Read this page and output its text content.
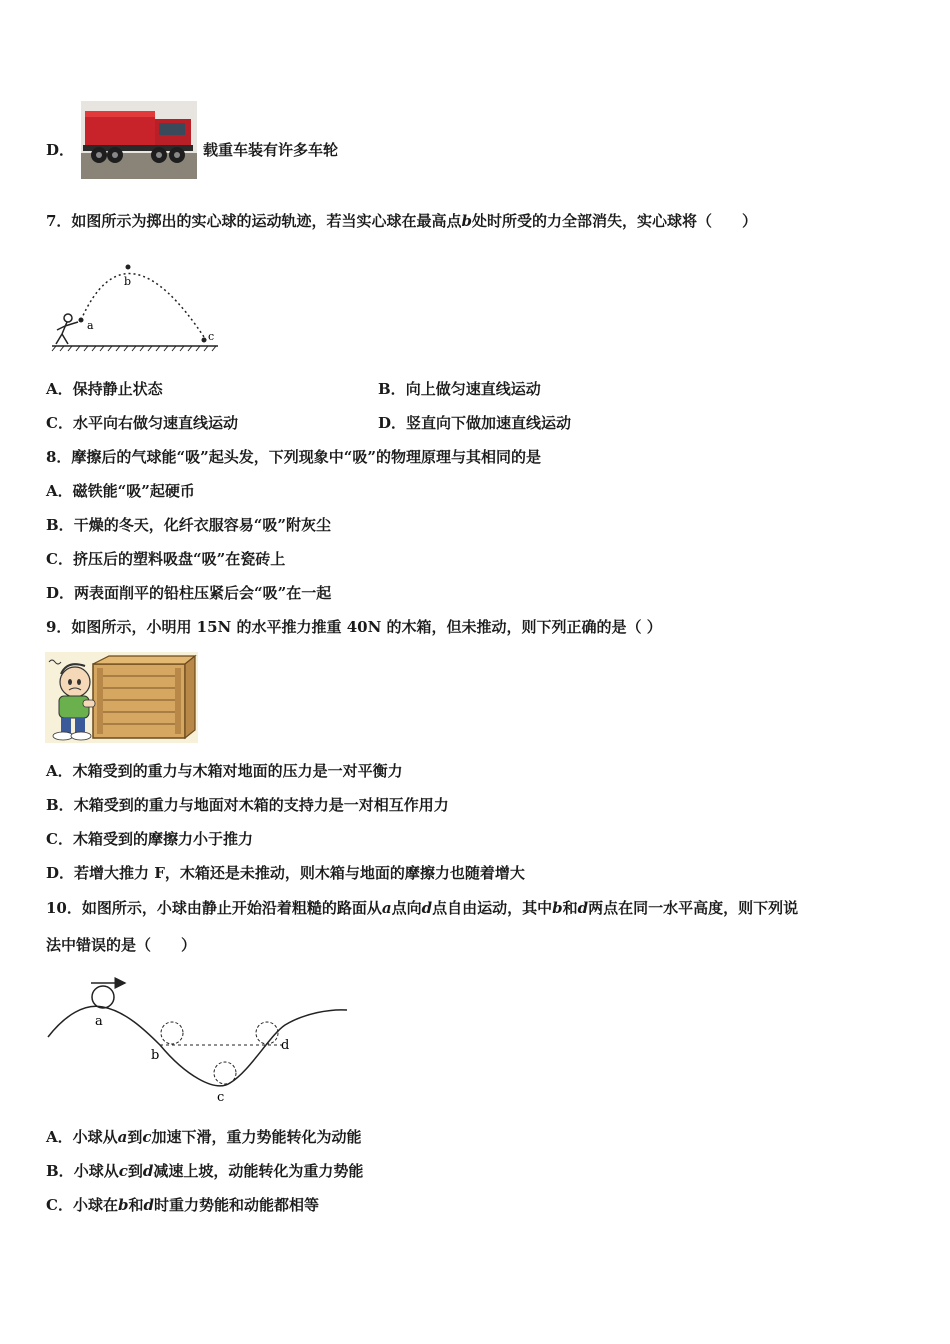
D．	载重车装有许多车轮
7．如图所示为掷出的实心球的运动轨迹，若当实心球在最高点b处时所受的力全部消失，实心球将（　　）
a
b
c
A．保持静止状态	B．向上做匀速直线运动
C．水平向右做匀速直线运动	D．竖直向下做加速直线运动
8．摩擦后的气球能“吸”起头发，下列现象中“吸”的物理原理与其相同的是
A．磁铁能“吸”起硬币
B．干燥的冬天，化纤衣服容易“吸”附灰尘
C．挤压后的塑料吸盘“吸”在瓷砖上
D．两表面削平的铅柱压紧后会“吸”在一起
9．如图所示，小明用 15N 的水平推力推重 40N 的木箱，但未推动，则下列正确的是（ ）
A．木箱受到的重力与木箱对地面的压力是一对平衡力
B．木箱受到的重力与地面对木箱的支持力是一对相互作用力
C．木箱受到的摩擦力小于推力
D．若增大推力 F，木箱还是未推动，则木箱与地面的摩擦力也随着增大
10．如图所示，小球由静止开始沿着粗糙的路面从a点向d点自由运动，其中b和d两点在同一水平高度，则下列说
法中错误的是（　　）
a
b
c
d
A．小球从a到c加速下滑，重力势能转化为动能
B．小球从c到d减速上坡，动能转化为重力势能
C．小球在b和d时重力势能和动能都相等
